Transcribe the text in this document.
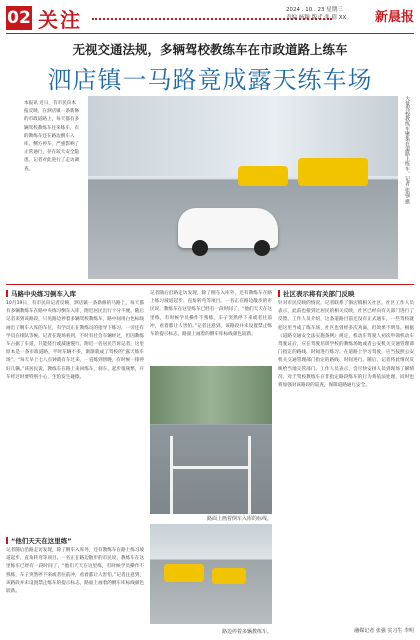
02 关注	2024 . 10 . 23 星期三
责编 杨颖 版式 张 倩 XX	新晨报
无视交通法规，多辆驾校教练车在市政道路上练车
泗店镇一马路竟成露天练车场
本报讯 近日，有市民向本报反映，在泗店镇一条新修的市政道路上，每天都有多辆驾校教练车往来练车，有的教练车还在路边倒车入库、侧方停车，严重影响了正常通行，存在较大安全隐患。记者对此进行了走访调查。	大量驾校教练车聚集在道路上练车。记者 张强 摄
马路中央练习倒车入库
10月19日，有市民向记者反映，泗店镇一条新修的马路上，每天都有多辆教练车在路中央练习倒车入库，附近居民出行十分不便。随后记者来到该路段，只见路边停着多辆驾校教练车，路中间用白色标线画出了倒车入库的车位，有学员正在教练员的指导下练习，一旁还有学员在排队等候。记者在现场看到，不时有社会车辆经过，但因教练车占据了车道，只能绕行或减速慢行。附近一名居民告诉记者，这里原本是一条市政道路，平时车辆不多，渐渐就成了驾校的“露天练车场”。“每天早上七八点钟就有车过来，一直练到傍晚，有时候一排停好几辆。”该居民说，教练车在路上来回练车，刹车、起步很频繁，开车经过时要特别小心，生怕发生碰擦。
“他们天天在这里练”
记者随后沿路走访发现，除了倒车入库外，还有教练车在路上练习坡道起步、直角转弯等项目。一名正在路边散步的市民说，教练车在这里练车已经有一段时间了，“他们天天在这里练，有时候学员操作不熟练，车子突然停下来或者往前冲，看着都让人害怕。”记者注意到，该路段并未设置禁止练车的提示标志，路面上画着的倒车库标线颜色较新。
记者随后沿路走访发现，除了倒车入库外，还有教练车在路上练习坡道起步、直角转弯等项目。一名正在路边散步的市民说，教练车在这里练车已经有一段时间了，“他们天天在这里练，有时候学员操作不熟练，车子突然停下来或者往前冲，看着都让人害怕。”记者注意到，该路段并未设置禁止练车的提示标志，路面上画着的倒车库标线颜色较新。
路面上画着倒车入库的标线。
路边停着多辆教练车。
社区表示将有关部门反映
针对市民反映的情况，记者联系了泗店镇相关社区。社区工作人员表示，此前也接到过居民的相关反映，社区已经向有关部门进行了反馈。工作人员介绍，这条道路目前还没有正式通车，一些驾校就把这里当成了练车场，社区也曾经多次劝离，但效果不明显。根据《道路交通安全法实施条例》规定，机动车驾驶人初次申领机动车驾驶证后，应在驾驶培训学校的教练场地或者公安机关交通管理部门指定的路线、时间进行练习。在道路上学习驾驶，应当按照公安机关交通管理部门指定的路线、时间进行。随后，记者将此情况反映给当地交管部门。工作人员表示，会尽快安排人员到现场了解情况，对于驾校教练车在非指定路段练车的行为将依法处理，同时也将加强对该路段的巡查，保障道路通行安全。
融媒记者 张强 实习生 李明
